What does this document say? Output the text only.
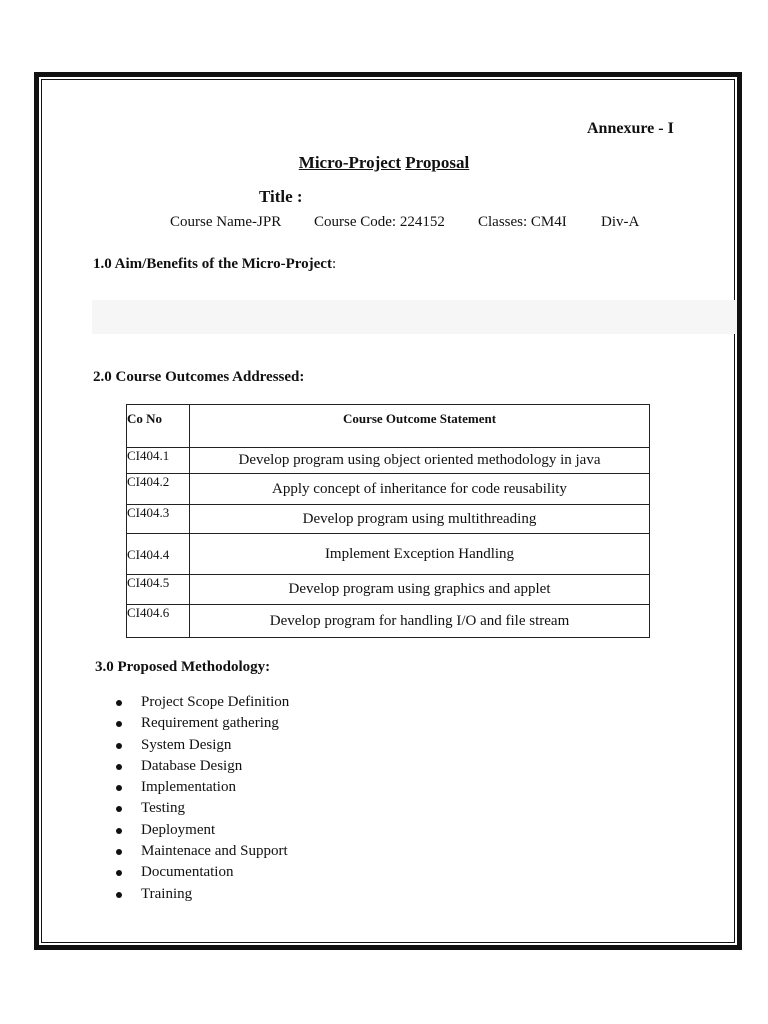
Annexure - I
Micro-Project Proposal
Title :
Course Name-JPR Course Code: 224152 Classes: CM4I Div-A
1.0 Aim/Benefits of the Micro-Project:
2.0 Course Outcomes Addressed:
Co No	Course Outcome Statement
CI404.1	Develop program using object oriented methodology in java
CI404.2	Apply concept of inheritance for code reusability
CI404.3	Develop program using multithreading
CI404.4	Implement Exception Handling
CI404.5	Develop program using graphics and applet
CI404.6	Develop program for handling I/O and file stream
3.0 Proposed Methodology:
Project Scope Definition
Requirement gathering
System Design
Database Design
Implementation
Testing
Deployment
Maintenace and Support
Documentation
Training
